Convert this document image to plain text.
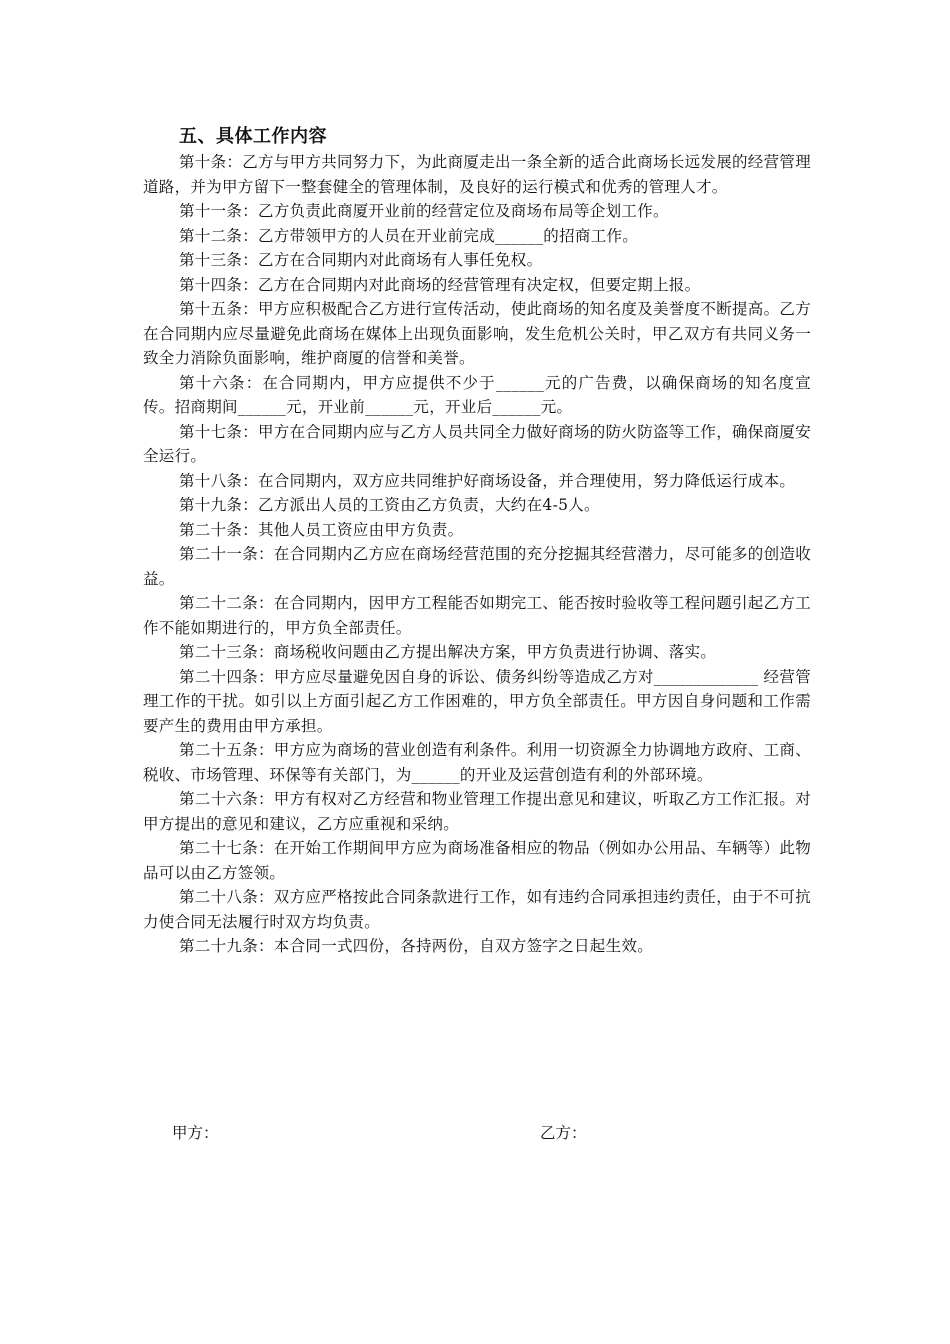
五、具体工作内容

第十条：乙方与甲方共同努力下，为此商厦走出一条全新的适合此商场长远发展的经营管理道路，并为甲方留下一整套健全的管理体制，及良好的运行模式和优秀的管理人才。

第十一条：乙方负责此商厦开业前的经营定位及商场布局等企划工作。

第十二条：乙方带领甲方的人员在开业前完成______的招商工作。

第十三条：乙方在合同期内对此商场有人事任免权。

第十四条：乙方在合同期内对此商场的经营管理有决定权，但要定期上报。

第十五条：甲方应积极配合乙方进行宣传活动，使此商场的知名度及美誉度不断提高。乙方在合同期内应尽量避免此商场在媒体上出现负面影响，发生危机公关时，甲乙双方有共同义务一致全力消除负面影响，维护商厦的信誉和美誉。

第十六条：在合同期内，甲方应提供不少于______元的广告费，以确保商场的知名度宣传。招商期间______元，开业前______元，开业后______元。

第十七条：甲方在合同期内应与乙方人员共同全力做好商场的防火防盗等工作，确保商厦安全运行。

第十八条：在合同期内，双方应共同维护好商场设备，并合理使用，努力降低运行成本。

第十九条：乙方派出人员的工资由乙方负责，大约在4-5人。

第二十条：其他人员工资应由甲方负责。

第二十一条：在合同期内乙方应在商场经营范围的充分挖掘其经营潜力，尽可能多的创造收益。

第二十二条：在合同期内，因甲方工程能否如期完工、能否按时验收等工程问题引起乙方工作不能如期进行的，甲方负全部责任。

第二十三条：商场税收问题由乙方提出解决方案，甲方负责进行协调、落实。

第二十四条：甲方应尽量避免因自身的诉讼、债务纠纷等造成乙方对_____________ 经营管理工作的干扰。如引以上方面引起乙方工作困难的，甲方负全部责任。甲方因自身问题和工作需要产生的费用由甲方承担。

第二十五条：甲方应为商场的营业创造有利条件。利用一切资源全力协调地方政府、工商、税收、市场管理、环保等有关部门，为______的开业及运营创造有利的外部环境。

第二十六条：甲方有权对乙方经营和物业管理工作提出意见和建议，听取乙方工作汇报。对甲方提出的意见和建议，乙方应重视和采纳。

第二十七条：在开始工作期间甲方应为商场准备相应的物品（例如办公用品、车辆等）此物品可以由乙方签领。

第二十八条：双方应严格按此合同条款进行工作，如有违约合同承担违约责任，由于不可抗力使合同无法履行时双方均负责。

第二十九条：本合同一式四份，各持两份，自双方签字之日起生效。

甲方：	乙方：
